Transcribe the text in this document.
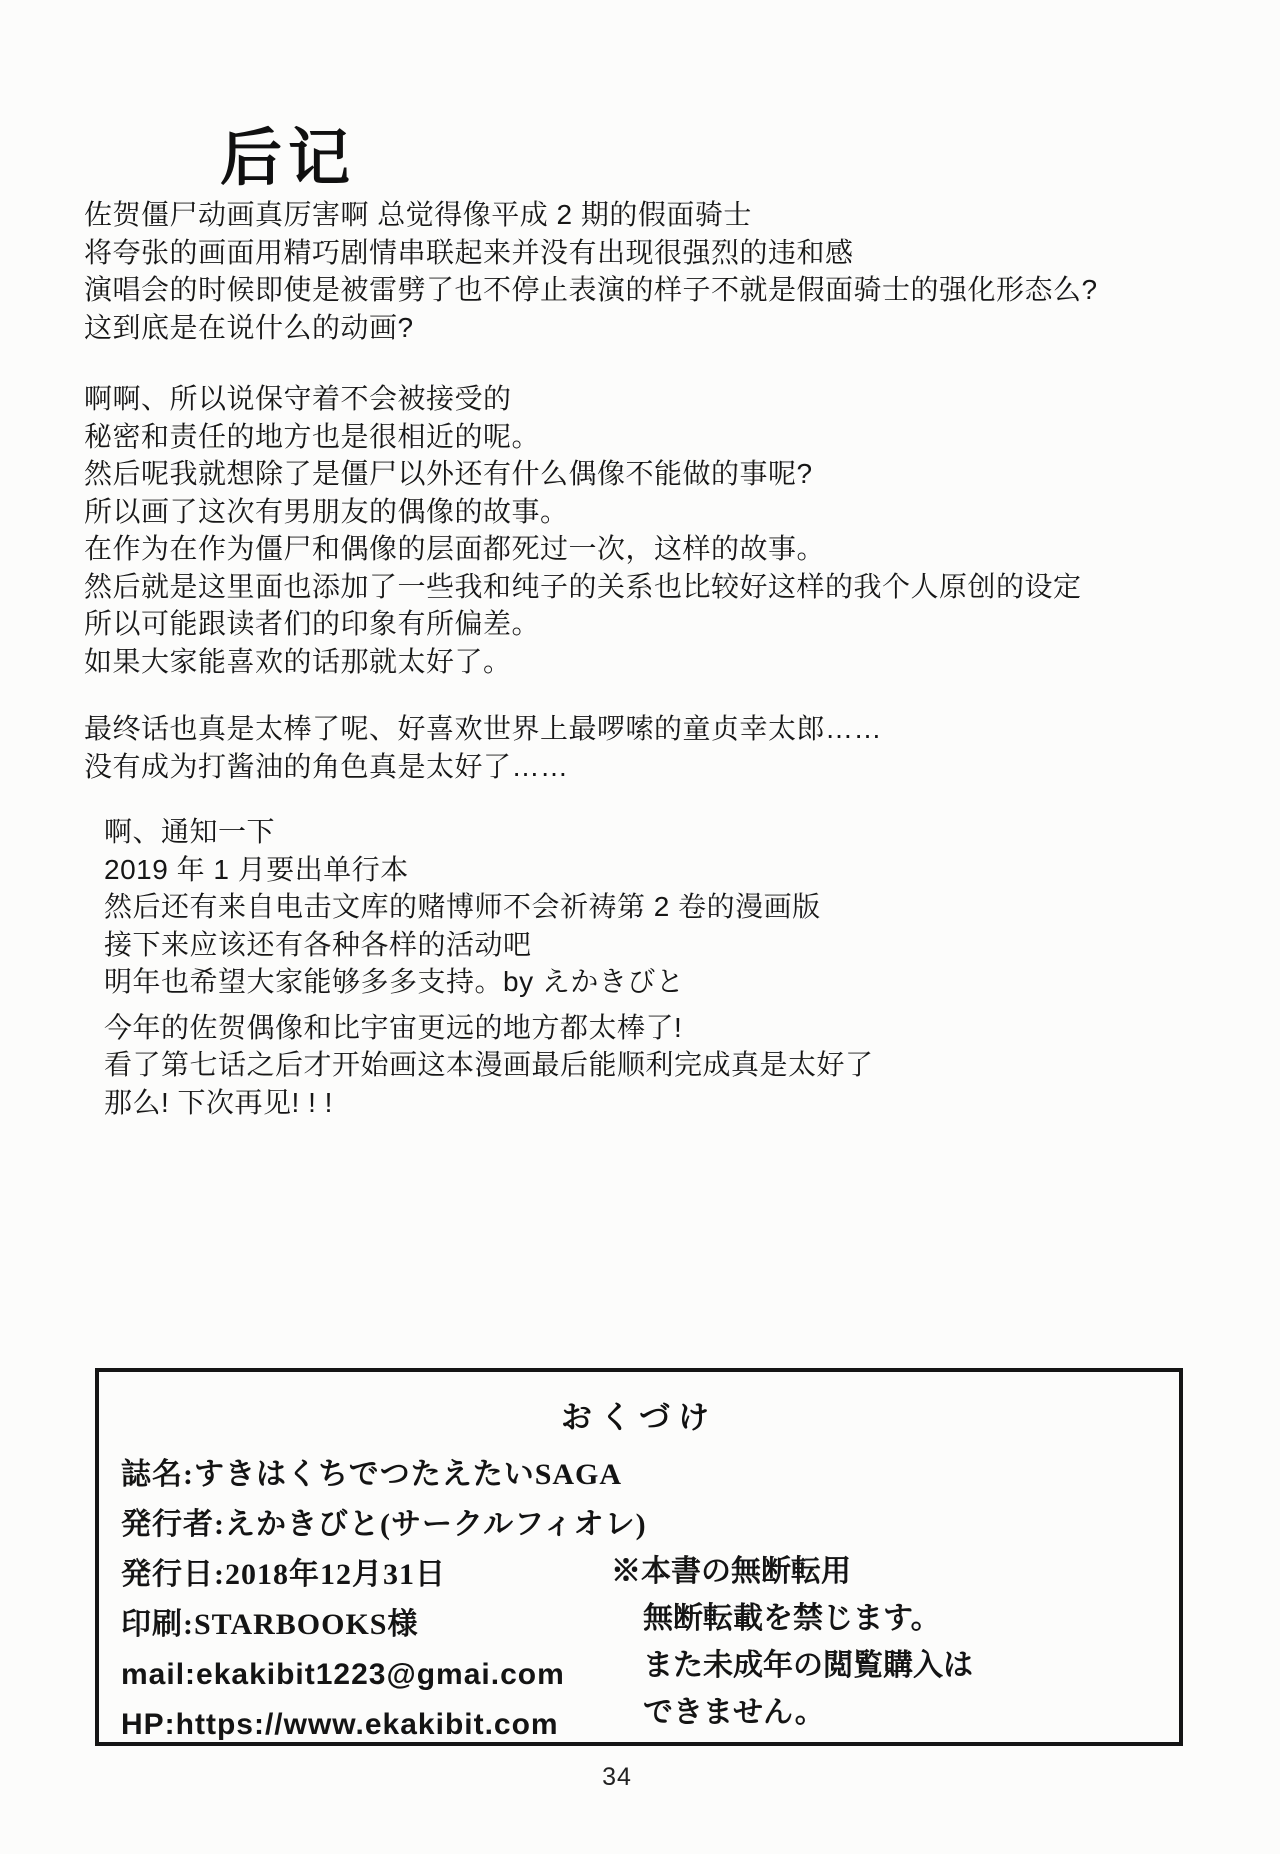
后记
佐贺僵尸动画真厉害啊 总觉得像平成 2 期的假面骑士
将夸张的画面用精巧剧情串联起来并没有出现很强烈的违和感
演唱会的时候即使是被雷劈了也不停止表演的样子不就是假面骑士的强化形态么?
这到底是在说什么的动画?
啊啊、所以说保守着不会被接受的
秘密和责任的地方也是很相近的呢。
然后呢我就想除了是僵尸以外还有什么偶像不能做的事呢?
所以画了这次有男朋友的偶像的故事。
在作为在作为僵尸和偶像的层面都死过一次，这样的故事。
然后就是这里面也添加了一些我和纯子的关系也比较好这样的我个人原创的设定
所以可能跟读者们的印象有所偏差。
如果大家能喜欢的话那就太好了。
最终话也真是太棒了呢、好喜欢世界上最啰嗦的童贞幸太郎……
没有成为打酱油的角色真是太好了……
啊、通知一下
2019 年 1 月要出单行本
然后还有来自电击文库的赌博师不会祈祷第 2 卷的漫画版
接下来应该还有各种各样的活动吧
明年也希望大家能够多多支持。by えかきびと
今年的佐贺偶像和比宇宙更远的地方都太棒了!
看了第七话之后才开始画这本漫画最后能顺利完成真是太好了
那么! 下次再见! ! !
おくづけ
誌名:すきはくちでつたえたいSAGA
発行者:えかきびと(サークルフィオレ)
発行日:2018年12月31日
印刷:STARBOOKS様
mail:ekakibit1223@gmai.com
HP:https://www.ekakibit.com
※本書の無断転用
無断転載を禁じます。
また未成年の閲覧購入は
できません。
34
